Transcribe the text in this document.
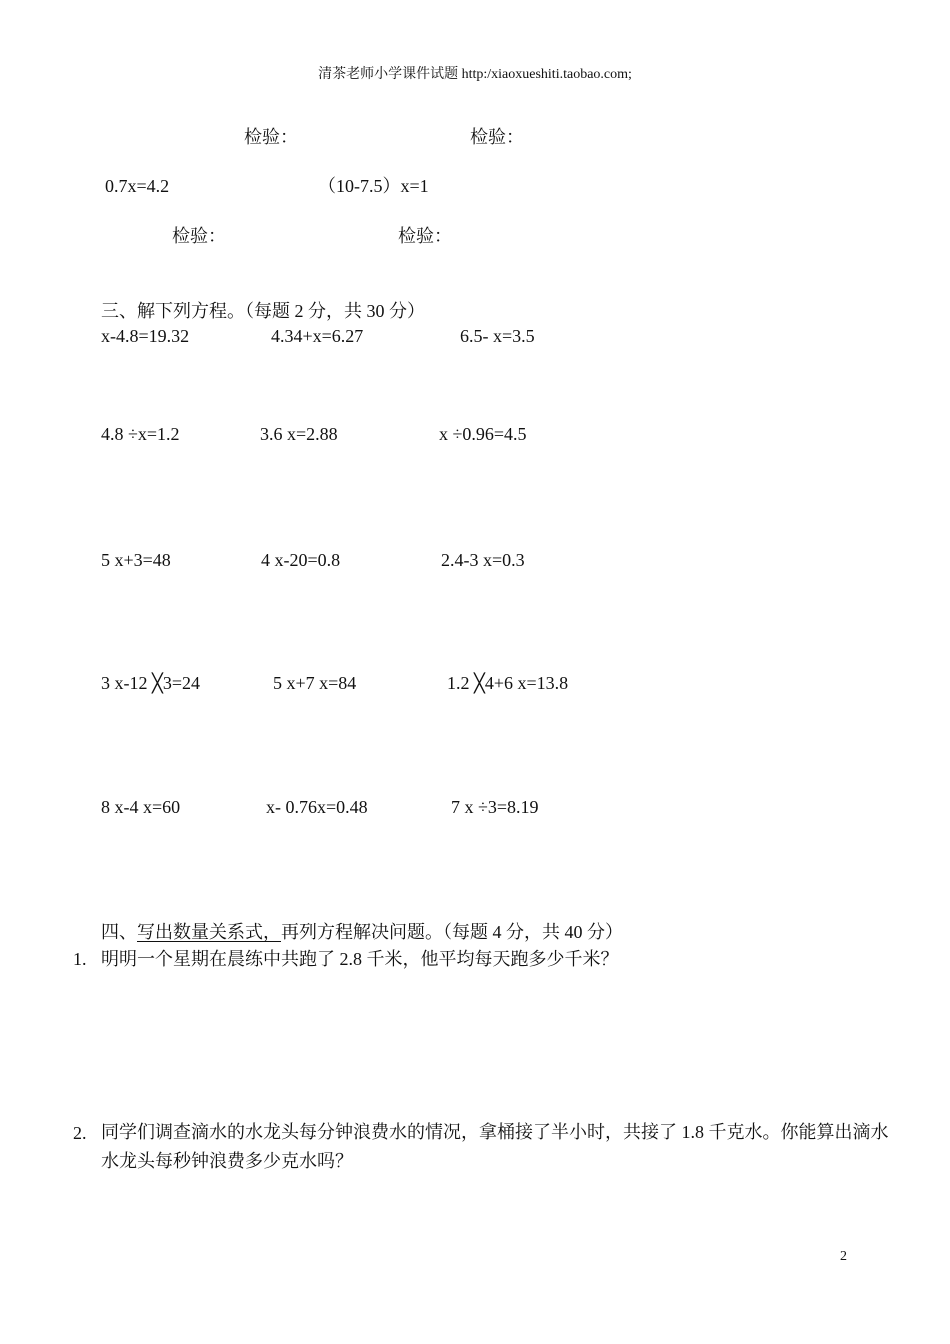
清茶老师小学课件试题 http:/xiaoxueshiti.taobao.com;
检验：	检验：
0.7x=4.2	（10-7.5）x=1
检验：	检验：
三、解下列方程。（每题 2 分，共 30 分）
x-4.8=19.32	4.34+x=6.27	6.5- x=3.5
4.8 ÷x=1.2	3.6 x=2.88	x ÷0.96=4.5
5 x+3=48	4 x-20=0.8	2.4-3 x=0.3
3 x-12 ╳3=24	5 x+7 x=84	1.2 ╳4+6 x=13.8
8 x-4 x=60	x- 0.76x=0.48	7 x ÷3=8.19
四、写出数量关系式，再列方程解决问题。（每题 4 分，共 40 分）
1. 明明一个星期在晨练中共跑了 2.8 千米，他平均每天跑多少千米？
2. 同学们调查滴水的水龙头每分钟浪费水的情况，拿桶接了半小时，共接了 1.8 千克水。你能算出滴水水龙头每秒钟浪费多少克水吗？
2
